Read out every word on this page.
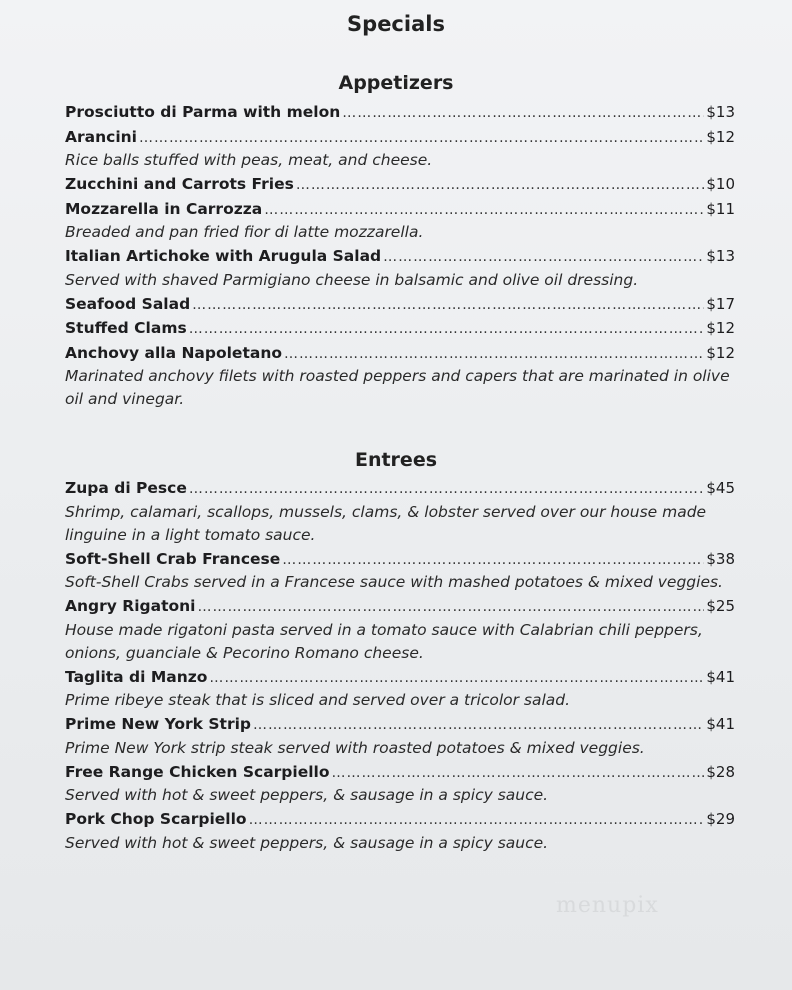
Specials
Appetizers
Prosciutto di Parma with melon ………………………………………………………………………………………………………………………………………………………………	$13
Arancini ………………………………………………………………………………………………………………………………………………………………	$12
Rice balls stuffed with peas, meat, and cheese.
Zucchini and Carrots Fries ………………………………………………………………………………………………………………………………………………………………	$10
Mozzarella in Carrozza ………………………………………………………………………………………………………………………………………………………………	$11
Breaded and pan fried fior di latte mozzarella.
Italian Artichoke with Arugula Salad ………………………………………………………………………………………………………………………………………………………………	$13
Served with shaved Parmigiano cheese in balsamic and olive oil dressing.
Seafood Salad ………………………………………………………………………………………………………………………………………………………………	$17
Stuffed Clams ………………………………………………………………………………………………………………………………………………………………	$12
Anchovy alla Napoletano ………………………………………………………………………………………………………………………………………………………………	$12
Marinated anchovy filets with roasted peppers and capers that are marinated in olive oil and vinegar.
Entrees
Zupa di Pesce ………………………………………………………………………………………………………………………………………………………………	$45
Shrimp, calamari, scallops, mussels, clams, & lobster served over our house made linguine in a light tomato sauce.
Soft-Shell Crab Francese ………………………………………………………………………………………………………………………………………………………………	$38
Soft-Shell Crabs served in a Francese sauce with mashed potatoes & mixed veggies.
Angry Rigatoni ………………………………………………………………………………………………………………………………………………………………	$25
House made rigatoni pasta served in a tomato sauce with Calabrian chili peppers, onions, guanciale & Pecorino Romano cheese.
Taglita di Manzo ………………………………………………………………………………………………………………………………………………………………	$41
Prime ribeye steak that is sliced and served over a tricolor salad.
Prime New York Strip ………………………………………………………………………………………………………………………………………………………………	$41
Prime New York strip steak served with roasted potatoes & mixed veggies.
Free Range Chicken Scarpiello ………………………………………………………………………………………………………………………………………………………………	$28
Served with hot & sweet peppers, & sausage in a spicy sauce.
Pork Chop Scarpiello ………………………………………………………………………………………………………………………………………………………………	$29
Served with hot & sweet peppers, & sausage in a spicy sauce.
menupix
